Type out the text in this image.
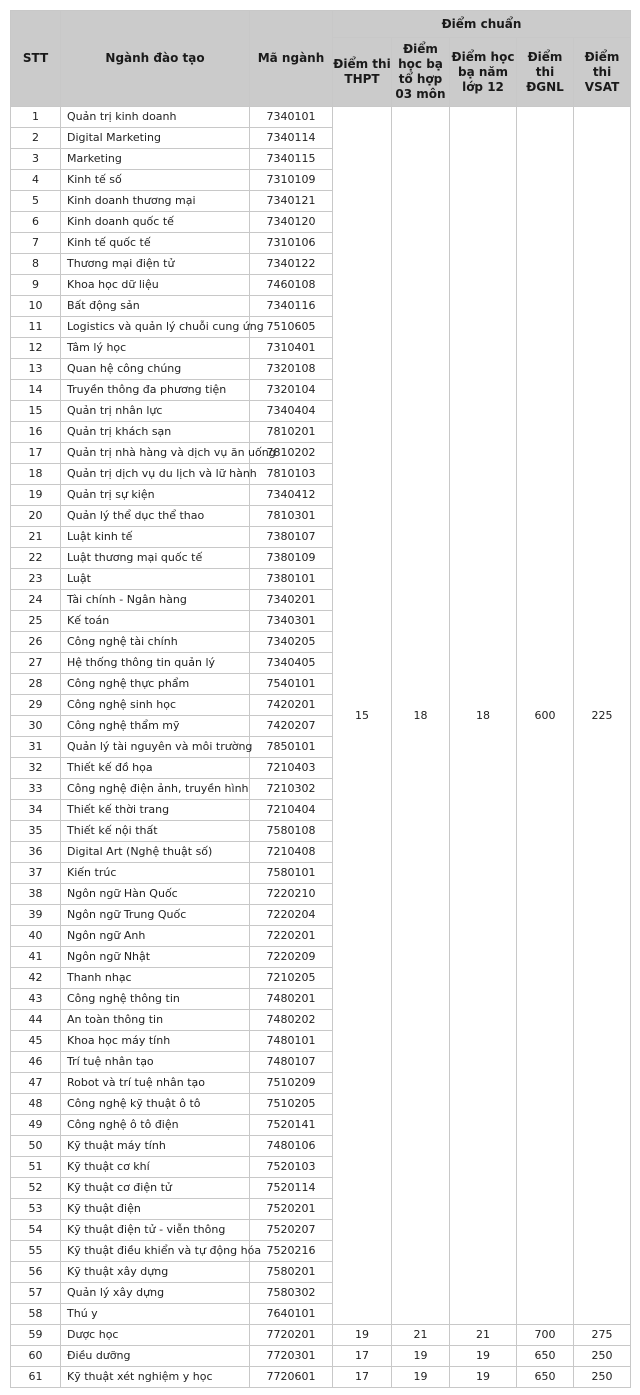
STT	Ngành đào tạo	Mã ngành	Điểm chuẩn				
			Điểm thi THPT	Điểm học bạ tổ hợp 03 môn	Điểm học bạ năm lớp 12	Điểm thi ĐGNL	Điểm thi VSAT
1	Quản trị kinh doanh	7340101	15	18	18	600	225
2	Digital Marketing	7340114					
3	Marketing	7340115					
4	Kinh tế số	7310109					
5	Kinh doanh thương mại	7340121					
6	Kinh doanh quốc tế	7340120					
7	Kinh tế quốc tế	7310106					
8	Thương mại điện tử	7340122					
9	Khoa học dữ liệu	7460108					
10	Bất động sản	7340116					
11	Logistics và quản lý chuỗi cung ứng	7510605					
12	Tâm lý học	7310401					
13	Quan hệ công chúng	7320108					
14	Truyền thông đa phương tiện	7320104					
15	Quản trị nhân lực	7340404					
16	Quản trị khách sạn	7810201					
17	Quản trị nhà hàng và dịch vụ ăn uống	7810202					
18	Quản trị dịch vụ du lịch và lữ hành	7810103					
19	Quản trị sự kiện	7340412					
20	Quản lý thể dục thể thao	7810301					
21	Luật kinh tế	7380107					
22	Luật thương mại quốc tế	7380109					
23	Luật	7380101					
24	Tài chính - Ngân hàng	7340201					
25	Kế toán	7340301					
26	Công nghệ tài chính	7340205					
27	Hệ thống thông tin quản lý	7340405					
28	Công nghệ thực phẩm	7540101					
29	Công nghệ sinh học	7420201					
30	Công nghệ thẩm mỹ	7420207					
31	Quản lý tài nguyên và môi trường	7850101					
32	Thiết kế đồ họa	7210403					
33	Công nghệ điện ảnh, truyền hình	7210302					
34	Thiết kế thời trang	7210404					
35	Thiết kế nội thất	7580108					
36	Digital Art (Nghệ thuật số)	7210408					
37	Kiến trúc	7580101					
38	Ngôn ngữ Hàn Quốc	7220210					
39	Ngôn ngữ Trung Quốc	7220204					
40	Ngôn ngữ Anh	7220201					
41	Ngôn ngữ Nhật	7220209					
42	Thanh nhạc	7210205					
43	Công nghệ thông tin	7480201					
44	An toàn thông tin	7480202					
45	Khoa học máy tính	7480101					
46	Trí tuệ nhân tạo	7480107					
47	Robot và trí tuệ nhân tạo	7510209					
48	Công nghệ kỹ thuật ô tô	7510205					
49	Công nghệ ô tô điện	7520141					
50	Kỹ thuật máy tính	7480106					
51	Kỹ thuật cơ khí	7520103					
52	Kỹ thuật cơ điện tử	7520114					
53	Kỹ thuật điện	7520201					
54	Kỹ thuật điện tử - viễn thông	7520207					
55	Kỹ thuật điều khiển và tự động hóa	7520216					
56	Kỹ thuật xây dựng	7580201					
57	Quản lý xây dựng	7580302					
58	Thú y	7640101					
59	Dược học	7720201	19	21	21	700	275
60	Điều dưỡng	7720301	17	19	19	650	250
61	Kỹ thuật xét nghiệm y học	7720601	17	19	19	650	250
